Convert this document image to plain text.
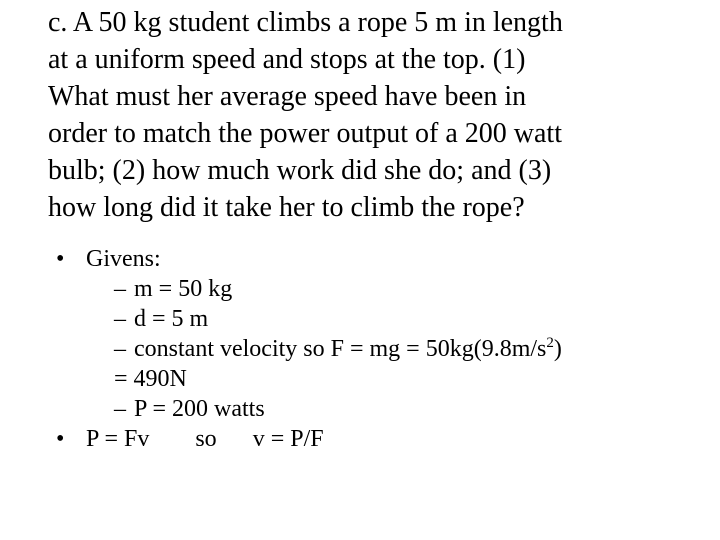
c. A 50 kg student climbs a rope 5 m in length
at a uniform speed and stops at the top. (1)
What must her average speed have been in
order to match the power output of a 200 watt
bulb; (2) how much work did she do; and (3)
how long did it take her to climb the rope?

• Givens:
– m = 50 kg
– d = 5 m
– constant velocity so F = mg = $50kg(9.8m/s^2)$
= 490N
– P = 200 watts
• P = Fv so v = P/F
